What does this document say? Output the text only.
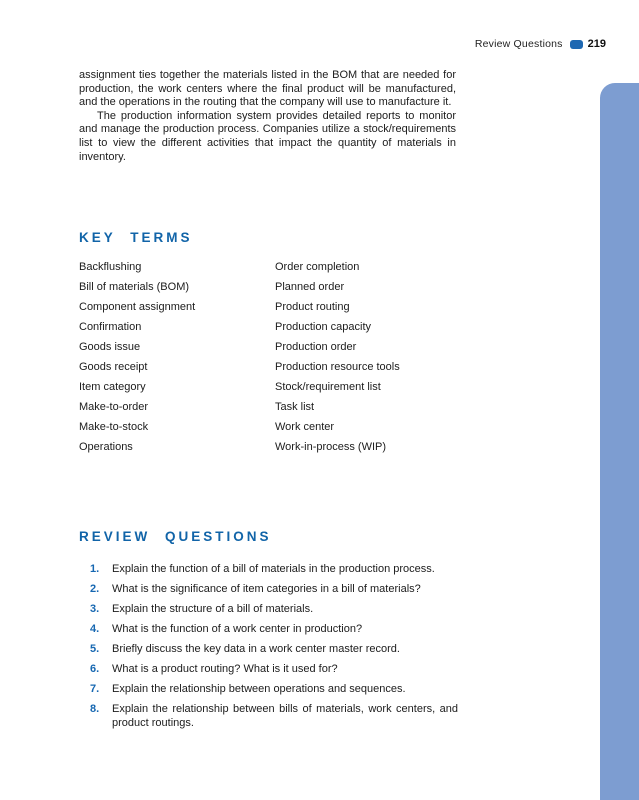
Review Questions 219

assignment ties together the materials listed in the BOM that are needed for production, the work centers where the final product will be manufactured, and the operations in the routing that the company will use to manufacture it.

The production information system provides detailed reports to monitor and manage the production process. Companies utilize a stock/requirements list to view the different activities that impact the quantity of materials in inventory.

KEY TERMS
Backflushing	Order completion
Bill of materials (BOM)	Planned order
Component assignment	Product routing
Confirmation	Production capacity
Goods issue	Production order
Goods receipt	Production resource tools
Item category	Stock/requirement list
Make-to-order	Task list
Make-to-stock	Work center
Operations	Work-in-process (WIP)
REVIEW QUESTIONS
1.	Explain the function of a bill of materials in the production process.
2.	What is the significance of item categories in a bill of materials?
3.	Explain the structure of a bill of materials.
4.	What is the function of a work center in production?
5.	Briefly discuss the key data in a work center master record.
6.	What is a product routing? What is it used for?
7.	Explain the relationship between operations and sequences.
8.	Explain the relationship between bills of materials, work centers, and product routings.
